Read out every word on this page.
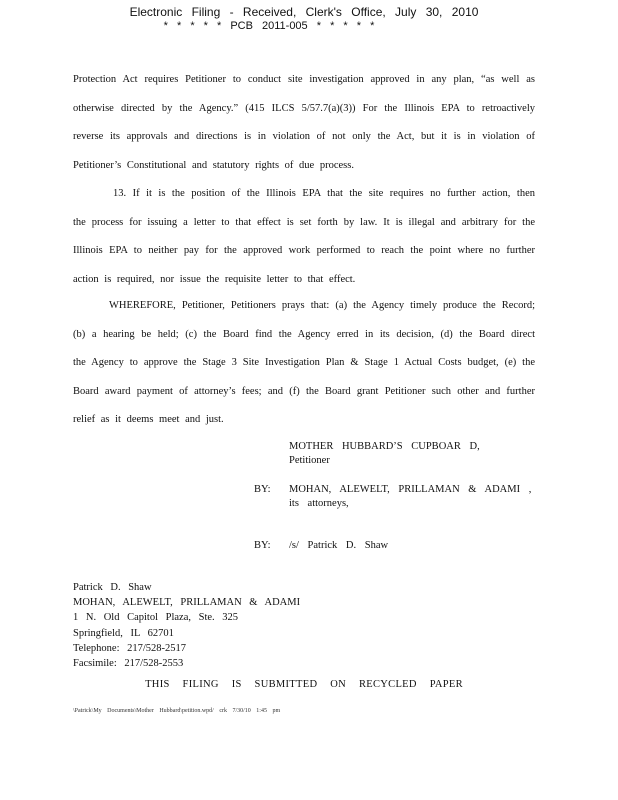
Electronic Filing - Received, Clerk's Office, July 30, 2010
* * * * * PCB 2011-005 * * * * *
Protection Act requires Petitioner to conduct site investigation approved in any plan, “as well as otherwise directed by the Agency.” (415 ILCS 5/57.7(a)(3)) For the Illinois EPA to retroactively reverse its approvals and directions is in violation of not only the Act, but it is in violation of Petitioner’s Constitutional and statutory rights of due process.
13. If it is the position of the Illinois EPA that the site requires no further action, then the process for issuing a letter to that effect is set forth by law. It is illegal and arbitrary for the Illinois EPA to neither pay for the approved work performed to reach the point where no further action is required, nor issue the requisite letter to that effect.
WHEREFORE, Petitioner, Petitioners prays that: (a) the Agency timely produce the Record; (b) a hearing be held; (c) the Board find the Agency erred in its decision, (d) the Board direct the Agency to approve the Stage 3 Site Investigation Plan & Stage 1 Actual Costs budget, (e) the Board award payment of attorney’s fees; and (f) the Board grant Petitioner such other and further relief as it deems meet and just.
MOTHER HUBBARD’S CUPBOAR D,
Petitioner
BY: MOHAN, ALEWELT, PRILLAMAN & ADAMI ,
its attorneys,
BY: /s/ Patrick D. Shaw
Patrick D. Shaw
MOHAN, ALEWELT, PRILLAMAN & ADAMI
1 N. Old Capitol Plaza, Ste. 325
Springfield, IL 62701
Telephone: 217/528-2517
Facsimile: 217/528-2553
THIS FILING IS SUBMITTED ON RECYCLED PAPER
\Patrick\My Documents\Mother Hubbard\petition.wpd/ crk 7/30/10 1:45 pm
